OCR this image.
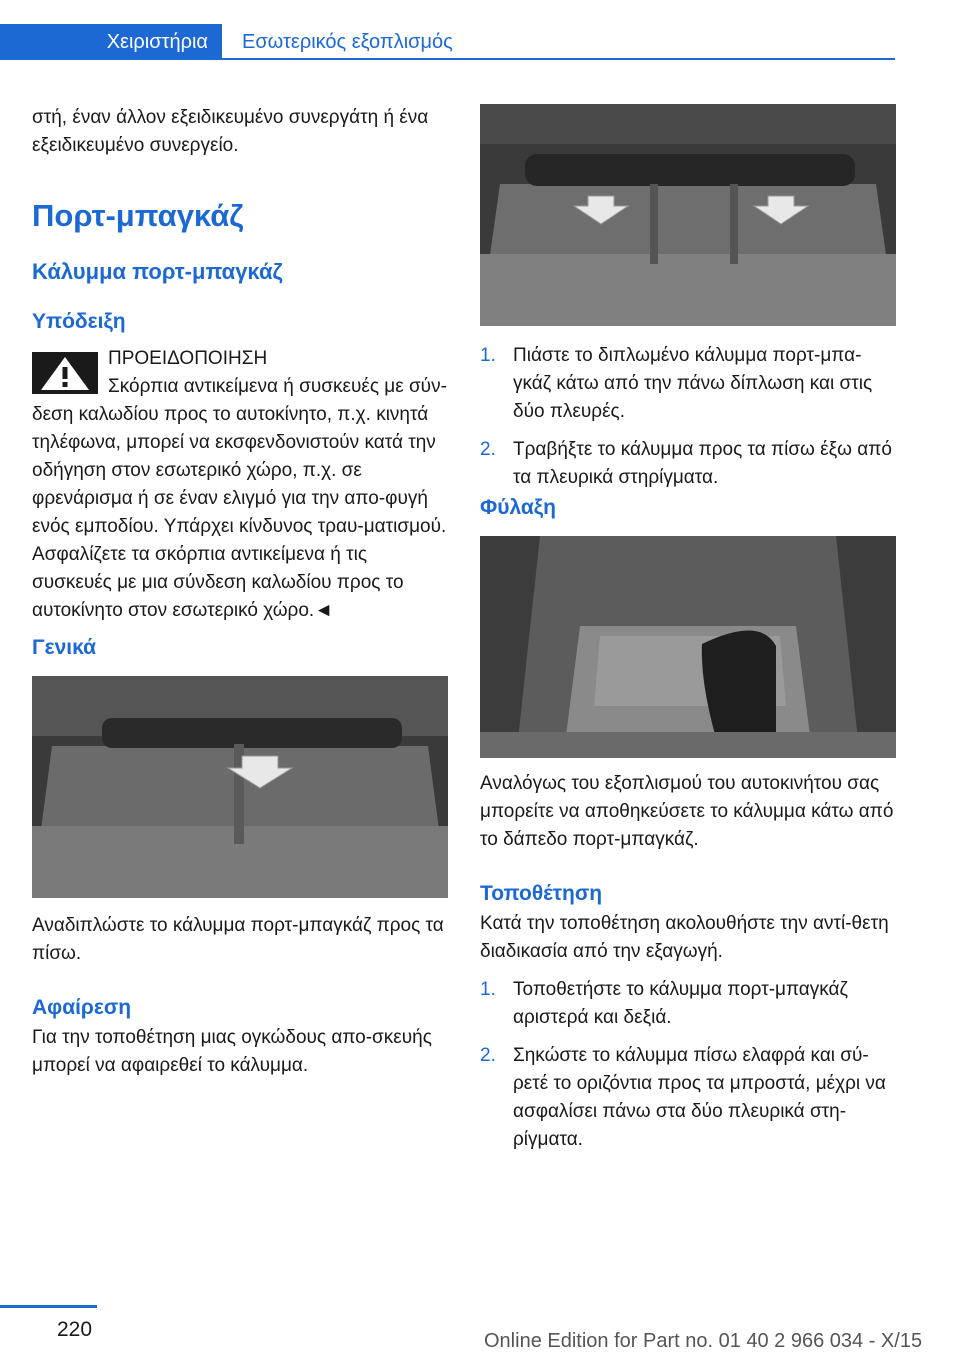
Χειριστήρια	Εσωτερικός εξοπλισμός

στή, έναν άλλον εξειδικευμένο συνεργάτη ή ένα εξειδικευμένο συνεργείο.

Πορτ-μπαγκάζ
Κάλυμμα πορτ-μπαγκάζ
Υπόδειξη
ΠΡΟΕΙΔΟΠΟΙΗΣΗ
Σκόρπια αντικείμενα ή συσκευές με σύν‐
δεση καλωδίου προς το αυτοκίνητο, π.χ. κινητά τηλέφωνα, μπορεί να εκσφενδονιστούν κατά την οδήγηση στον εσωτερικό χώρο, π.χ. σε φρενάρισμα ή σε έναν ελιγμό για την απο‐φυγή ενός εμποδίου. Υπάρχει κίνδυνος τραυ‐ματισμού. Ασφαλίζετε τα σκόρπια αντικείμενα ή τις συσκευές με μια σύνδεση καλωδίου προς το αυτοκίνητο στον εσωτερικό χώρο.◄
Γενικά

Αναδιπλώστε το κάλυμμα πορτ-μπαγκάζ προς τα πίσω.

Αφαίρεση

Για την τοποθέτηση μιας ογκώδους απο‐σκευής μπορεί να αφαιρεθεί το κάλυμμα.

1. Πιάστε το διπλωμένο κάλυμμα πορτ-μπα‐γκάζ κάτω από την πάνω δίπλωση και στις δύο πλευρές.
2. Τραβήξτε το κάλυμμα προς τα πίσω έξω από τα πλευρικά στηρίγματα.
Φύλαξη

Αναλόγως του εξοπλισμού του αυτοκινήτου σας μπορείτε να αποθηκεύσετε το κάλυμμα κάτω από το δάπεδο πορτ-μπαγκάζ.

Τοποθέτηση

Κατά την τοποθέτηση ακολουθήστε την αντί‐θετη διαδικασία από την εξαγωγή.

1. Τοποθετήστε το κάλυμμα πορτ-μπαγκάζ αριστερά και δεξιά.
2. Σηκώστε το κάλυμμα πίσω ελαφρά και σύ‐ρετέ το οριζόντια προς τα μπροστά, μέχρι να ασφαλίσει πάνω στα δύο πλευρικά στη‐ρίγματα.
220	Online Edition for Part no. 01 40 2 966 034 - X/15
